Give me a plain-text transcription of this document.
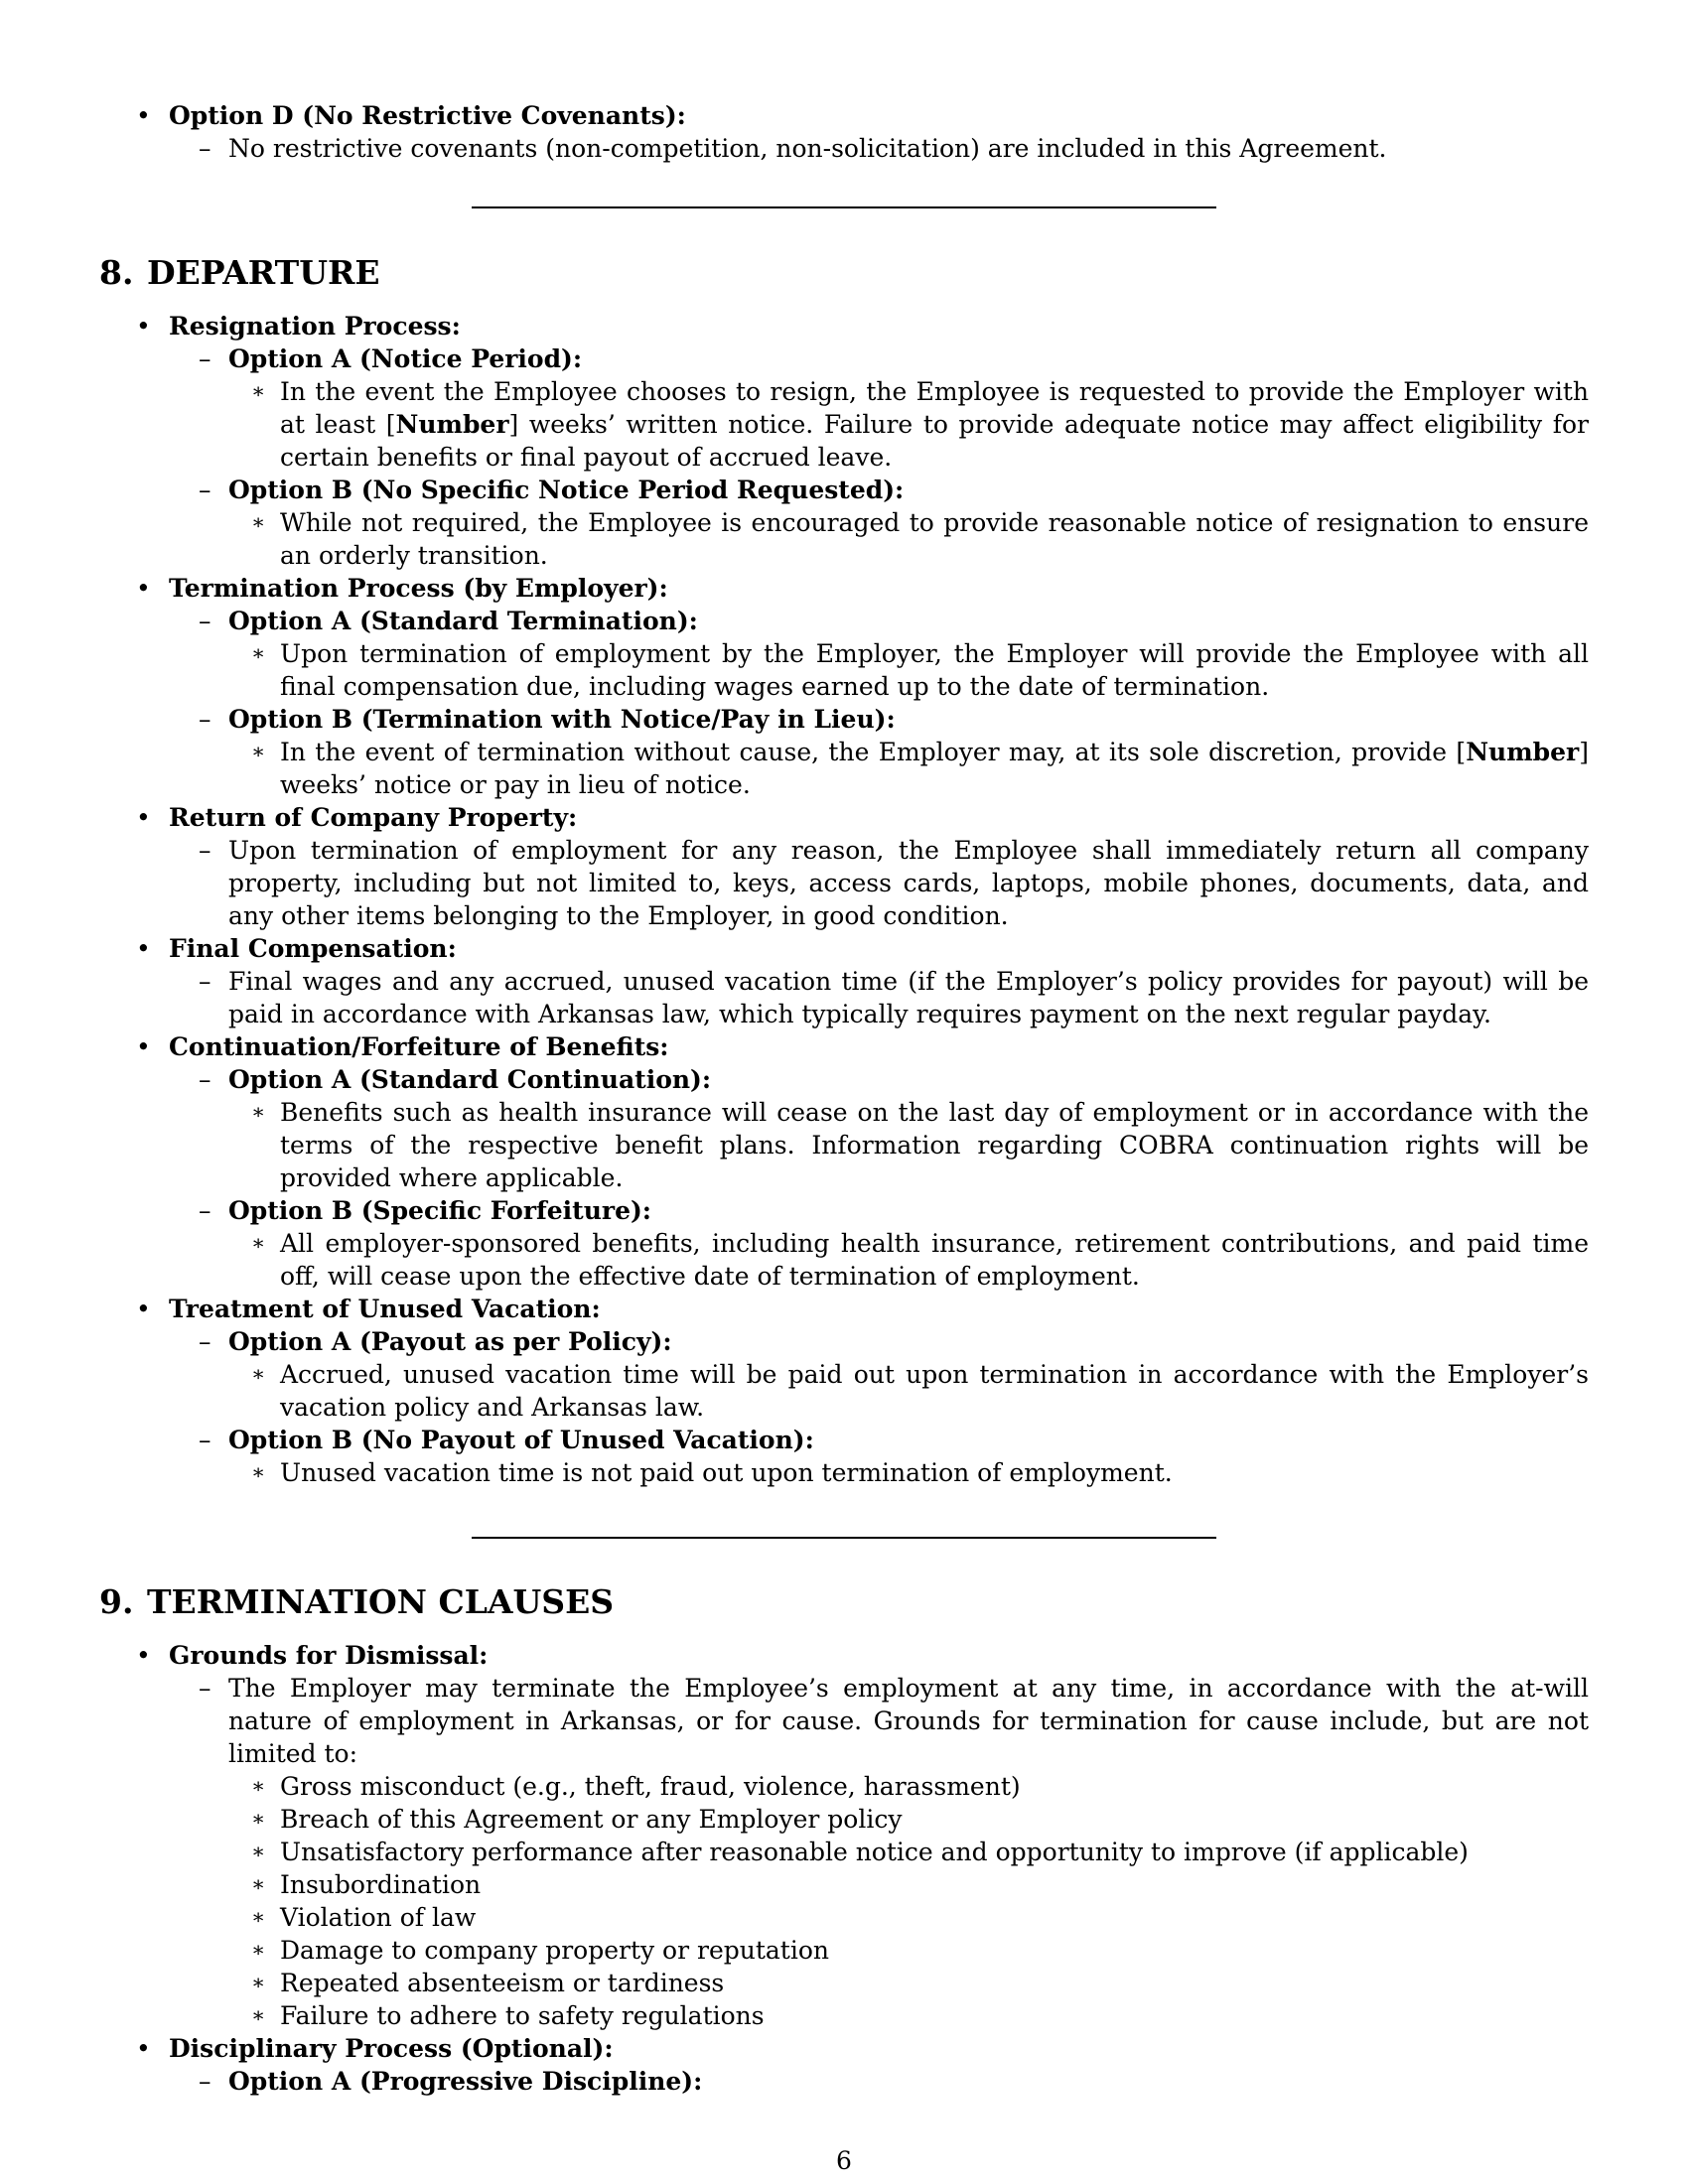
• Option D (No Restrictive Covenants):
– No restrictive covenants (non-competition, non-solicitation) are included in this Agreement.
8. DEPARTURE
• Resignation Process:
– Option A (Notice Period):
∗ In the event the Employee chooses to resign, the Employee is requested to provide the Employer with at least [Number] weeks’ written notice. Failure to provide adequate notice may affect eligibility for certain benefits or final payout of accrued leave.
– Option B (No Specific Notice Period Requested):
∗ While not required, the Employee is encouraged to provide reasonable notice of resignation to ensure an orderly transition.
• Termination Process (by Employer):
– Option A (Standard Termination):
∗ Upon termination of employment by the Employer, the Employer will provide the Employee with all final compensation due, including wages earned up to the date of termination.
– Option B (Termination with Notice/Pay in Lieu):
∗ In the event of termination without cause, the Employer may, at its sole discretion, provide [Number] weeks’ notice or pay in lieu of notice.
• Return of Company Property:
– Upon termination of employment for any reason, the Employee shall immediately return all company property, including but not limited to, keys, access cards, laptops, mobile phones, documents, data, and any other items belonging to the Employer, in good condition.
• Final Compensation:
– Final wages and any accrued, unused vacation time (if the Employer’s policy provides for payout) will be paid in accordance with Arkansas law, which typically requires payment on the next regular payday.
• Continuation/Forfeiture of Benefits:
– Option A (Standard Continuation):
∗ Benefits such as health insurance will cease on the last day of employment or in accordance with the terms of the respective benefit plans. Information regarding COBRA continuation rights will be provided where applicable.
– Option B (Specific Forfeiture):
∗ All employer-sponsored benefits, including health insurance, retirement contributions, and paid time off, will cease upon the effective date of termination of employment.
• Treatment of Unused Vacation:
– Option A (Payout as per Policy):
∗ Accrued, unused vacation time will be paid out upon termination in accordance with the Employer’s vacation policy and Arkansas law.
– Option B (No Payout of Unused Vacation):
∗ Unused vacation time is not paid out upon termination of employment.
9. TERMINATION CLAUSES
• Grounds for Dismissal:
– The Employer may terminate the Employee’s employment at any time, in accordance with the at-will nature of employment in Arkansas, or for cause. Grounds for termination for cause include, but are not limited to:
∗ Gross misconduct (e.g., theft, fraud, violence, harassment)
∗ Breach of this Agreement or any Employer policy
∗ Unsatisfactory performance after reasonable notice and opportunity to improve (if applicable)
∗ Insubordination
∗ Violation of law
∗ Damage to company property or reputation
∗ Repeated absenteeism or tardiness
∗ Failure to adhere to safety regulations
• Disciplinary Process (Optional):
– Option A (Progressive Discipline):
6
